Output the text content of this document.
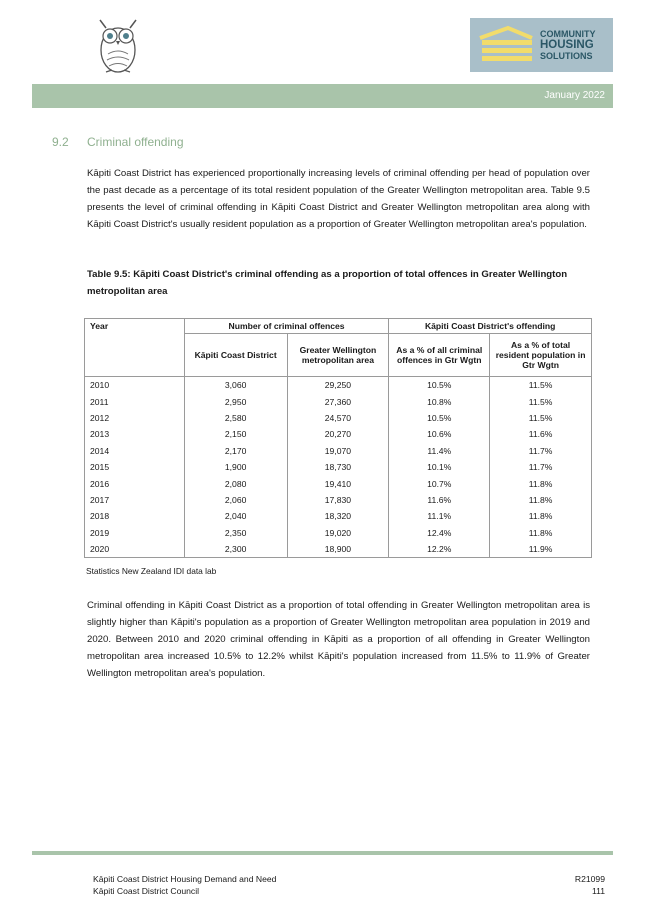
COMMUNITY
HOUSING
SOLUTIONS
January 2022
9.2 Criminal offending
Kāpiti Coast District has experienced proportionally increasing levels of criminal offending per head of population over the past decade as a percentage of its total resident population of the Greater Wellington metropolitan area. Table 9.5 presents the level of criminal offending in Kāpiti Coast District and Greater Wellington metropolitan area along with Kāpiti Coast District's usually resident population as a proportion of Greater Wellington metropolitan area's population.
Table 9.5: Kāpiti Coast District's criminal offending as a proportion of total offences in Greater Wellington metropolitan area
Year	Number of criminal offences		Kāpiti Coast District's offending	
	Kāpiti Coast District	Greater Wellington metropolitan area	As a % of all criminal offences in Gtr Wgtn	As a % of total resident population in Gtr Wgtn
2010	3,060	29,250	10.5%	11.5%
2011	2,950	27,360	10.8%	11.5%
2012	2,580	24,570	10.5%	11.5%
2013	2,150	20,270	10.6%	11.6%
2014	2,170	19,070	11.4%	11.7%
2015	1,900	18,730	10.1%	11.7%
2016	2,080	19,410	10.7%	11.8%
2017	2,060	17,830	11.6%	11.8%
2018	2,040	18,320	11.1%	11.8%
2019	2,350	19,020	12.4%	11.8%
2020	2,300	18,900	12.2%	11.9%
Statistics New Zealand IDI data lab
Criminal offending in Kāpiti Coast District as a proportion of total offending in Greater Wellington metropolitan area is slightly higher than Kāpiti's population as a proportion of Greater Wellington metropolitan area population in 2019 and 2020. Between 2010 and 2020 criminal offending in Kāpiti as a proportion of all offending in Greater Wellington metropolitan area increased 10.5% to 12.2% whilst Kāpiti's population increased from 11.5% to 11.9% of Greater Wellington metropolitan area's population.
Kāpiti Coast District Housing Demand and Need
Kāpiti Coast District Council
R21099
111
